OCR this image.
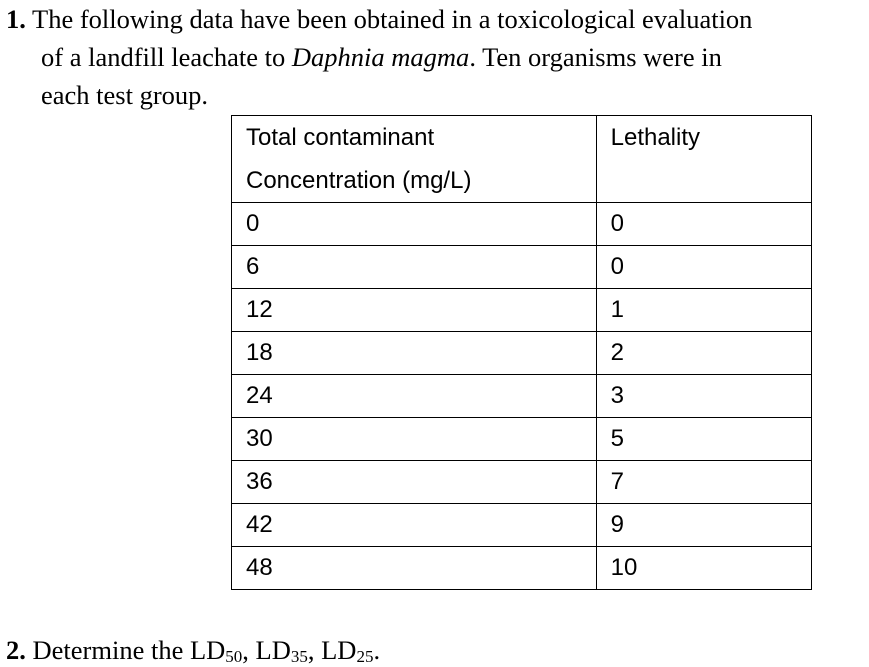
1. The following data have been obtained in a toxicological evaluation
of a landfill leachate to Daphnia magma. Ten organisms were in
each test group.
Total contaminant
Concentration (mg/L)	Lethality
0	0
6	0
12	1
18	2
24	3
30	5
36	7
42	9
48	10
2. Determine the $LD_{50}$, $LD_{35}$, $LD_{25}$.
